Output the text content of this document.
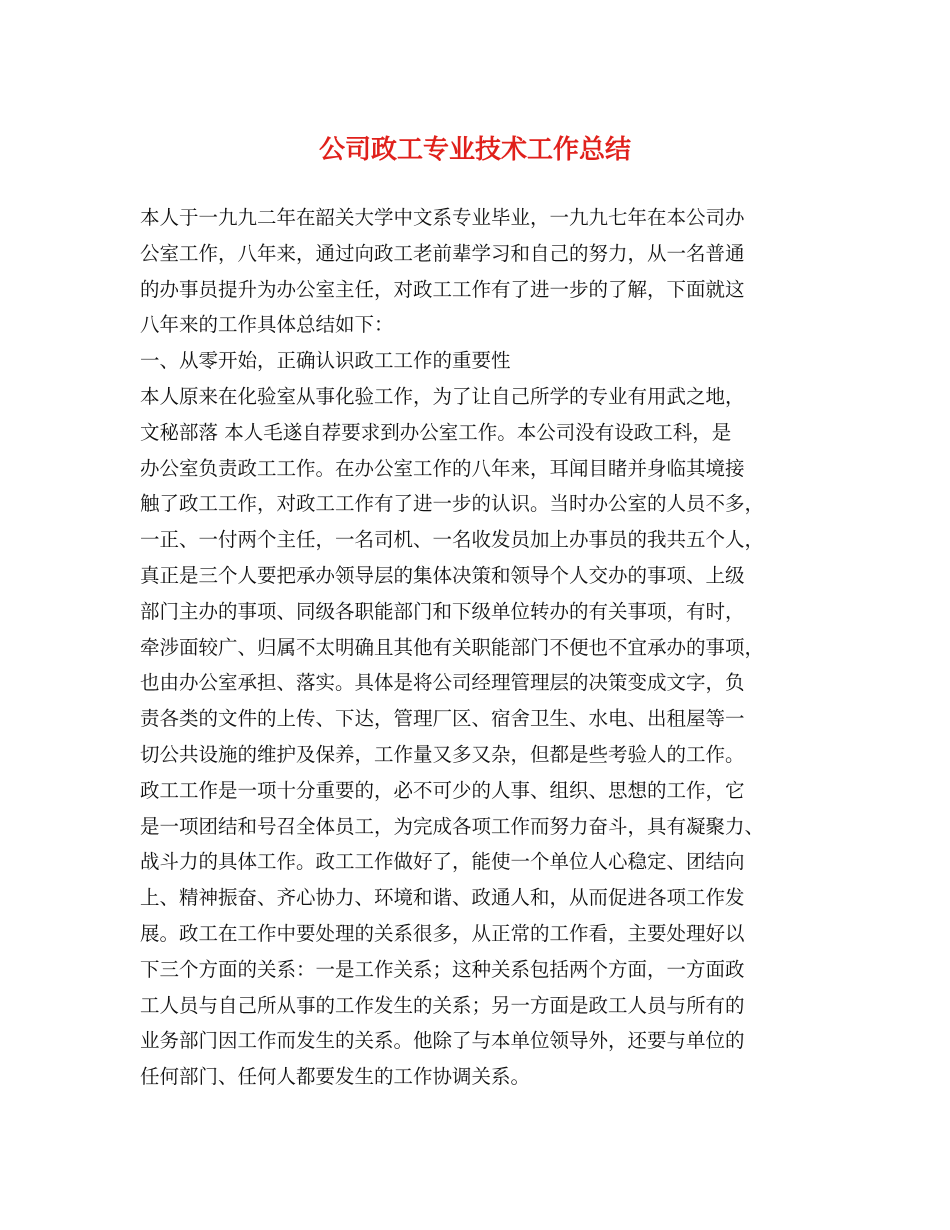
公司政工专业技术工作总结
本人于一九九二年在韶关大学中文系专业毕业，一九九七年在本公司办
公室工作，八年来，通过向政工老前辈学习和自己的努力，从一名普通
的办事员提升为办公室主任，对政工工作有了进一步的了解，下面就这
八年来的工作具体总结如下：
一、从零开始，正确认识政工工作的重要性
本人原来在化验室从事化验工作，为了让自己所学的专业有用武之地，
文秘部落 本人毛遂自荐要求到办公室工作。本公司没有设政工科，是
办公室负责政工工作。在办公室工作的八年来，耳闻目睹并身临其境接
触了政工工作，对政工工作有了进一步的认识。当时办公室的人员不多，
一正、一付两个主任，一名司机、一名收发员加上办事员的我共五个人，
真正是三个人要把承办领导层的集体决策和领导个人交办的事项、上级
部门主办的事项、同级各职能部门和下级单位转办的有关事项，有时，
牵涉面较广、归属不太明确且其他有关职能部门不便也不宜承办的事项，
也由办公室承担、落实。具体是将公司经理管理层的决策变成文字，负
责各类的文件的上传、下达，管理厂区、宿舍卫生、水电、出租屋等一
切公共设施的维护及保养，工作量又多又杂，但都是些考验人的工作。
政工工作是一项十分重要的，必不可少的人事、组织、思想的工作，它
是一项团结和号召全体员工，为完成各项工作而努力奋斗，具有凝聚力、
战斗力的具体工作。政工工作做好了，能使一个单位人心稳定、团结向
上、精神振奋、齐心协力、环境和谐、政通人和，从而促进各项工作发
展。政工在工作中要处理的关系很多，从正常的工作看，主要处理好以
下三个方面的关系：一是工作关系；这种关系包括两个方面，一方面政
工人员与自己所从事的工作发生的关系；另一方面是政工人员与所有的
业务部门因工作而发生的关系。他除了与本单位领导外，还要与单位的
任何部门、任何人都要发生的工作协调关系。
